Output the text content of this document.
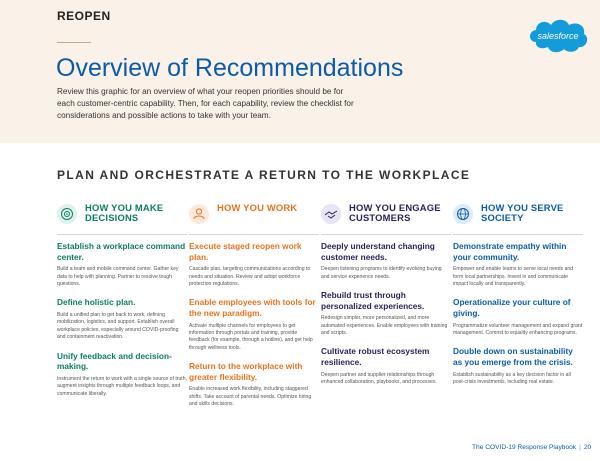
REOPEN
salesforce
Overview of Recommendations

Review this graphic for an overview of what your reopen priorities should be for each customer-centric capability. Then, for each capability, review the checklist for considerations and possible actions to take with your team.

PLAN AND ORCHESTRATE A RETURN TO THE WORKPLACE
HOW YOU MAKE DECISIONS
Establish a workplace command center.
Build a team and mobile command center. Gather key data to help with planning. Partner to resolve tough questions.
Define holistic plan.
Build a unified plan to get back to work, defining mobilization, logistics, and support. Establish overall workplace policies, especially around COVID-proofing and containment reactivation.
Unify feedback and decision-making.
Instrument the return to work with a single source of truth, augment insights through multiple feedback loops, and communicate liberally.
HOW YOU WORK
Execute staged reopen work plan.
Cascade plan, targeting communications according to needs and situation. Review and adopt workforce protection regulations.
Enable employees with tools for the new paradigm.
Activate multiple channels for employees to get information through portals and training, provide feedback (for example, through a hotline), and get help through wellness tools.
Return to the workplace with greater flexibility.
Enable increased work flexibility, including staggered shifts. Take account of parental needs. Optimize hiring and skills decisions.
HOW YOU ENGAGE CUSTOMERS
Deeply understand changing customer needs.
Deepen listening programs to identify evolving buying and service experience needs.
Rebuild trust through personalized experiences.
Redesign simpler, more personalized, and more automated experiences. Enable employees with training and scripts.
Cultivate robust ecosystem resilience.
Deepen partner and supplier relationships through enhanced collaboration, playbooks, and processes.
HOW YOU SERVE SOCIETY
Demonstrate empathy within your community.
Empower and enable teams to serve local needs and form local partnerships. Invest in and communicate impact locally and transparently.
Operationalize your culture of giving.
Programmatize volunteer management and expand grant management. Commit to equality enhancing programs.
Double down on sustainability as you emerge from the crisis.
Establish sustainability as a key decision factor in all post-crisis investments, including real estate.
The COVID-19 Response Playbook | 20
